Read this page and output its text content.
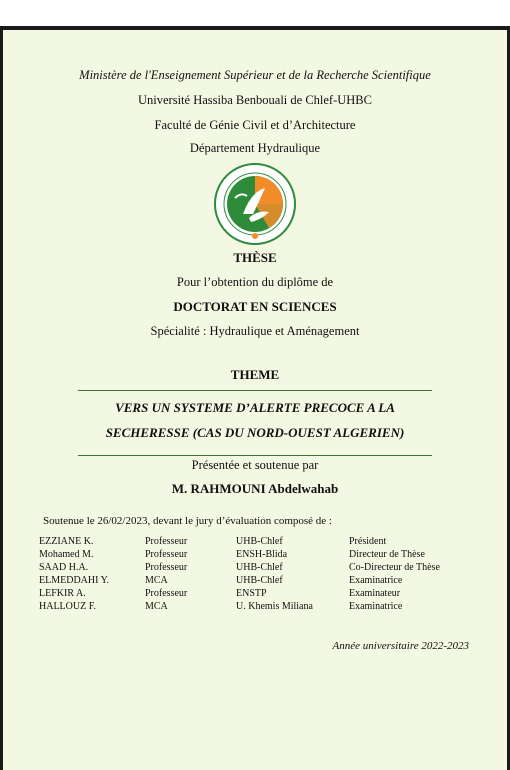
Ministère de l'Enseignement Supérieur et de la Recherche Scientifique
Université Hassiba Benbouali de Chlef-UHBC
Faculté de Génie Civil et d’Architecture
Département Hydraulique
THÈSE
Pour l’obtention du diplôme de
DOCTORAT EN SCIENCES
Spécialité : Hydraulique et Aménagement
THEME
VERS UN SYSTEME D’ALERTE PRECOCE A LA
SECHERESSE (CAS DU NORD-OUEST ALGERIEN)
Présentée et soutenue par
M. RAHMOUNI Abdelwahab
Soutenue le 26/02/2023, devant le jury d’évaluation composé de :
EZZIANE K.	Professeur	UHB-Chlef	Président
Mohamed M.	Professeur	ENSH-Blida	Directeur de Thèse
SAAD H.A.	Professeur	UHB-Chlef	Co-Directeur de Thèse
ELMEDDAHI Y.	MCA	UHB-Chlef	Examinatrice
LEFKIR A.	Professeur	ENSTP	Examinateur
HALLOUZ F.	MCA	U. Khemis Miliana	Examinatrice
Année universitaire 2022-2023
